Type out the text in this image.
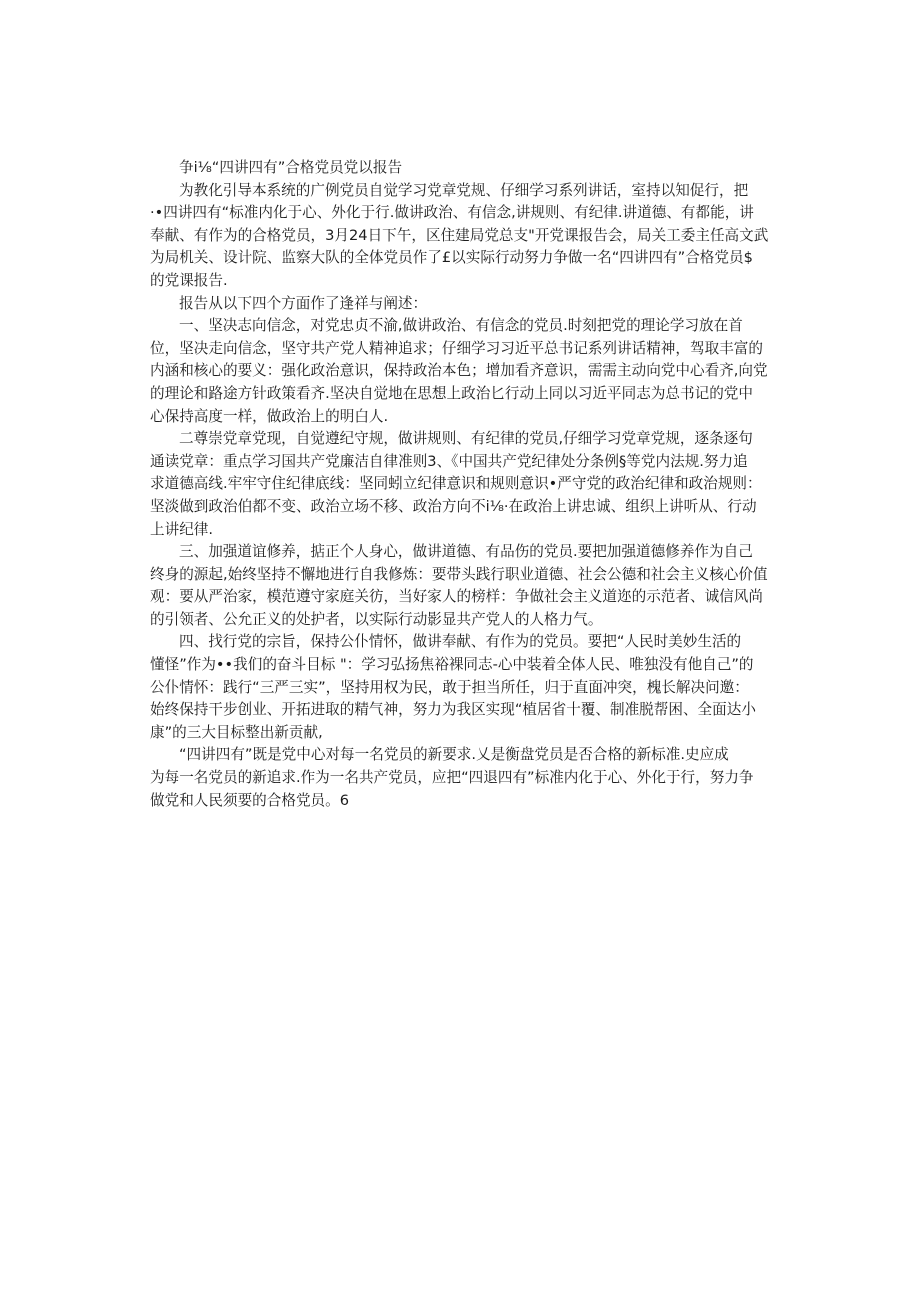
争i⅛“四讲四有”合格党员党以报告

为教化引导本系统的广例党员自觉学习党章党规、仔细学习系列讲话，室持以知促行，把
·•四讲四有“标准内化于心、外化于行.做讲政治、有信念,讲规则、有纪律.讲道德、有都能，讲
奉献、有作为的合格党员，3月24日下午，区住建局党总支"开党课报告会，局关工委主任高文武
为局机关、设计院、监察大队的全体党员作了£以实际行动努力争做一名“四讲四有”合格党员$
的党课报告.

报告从以下四个方面作了逢祥与阐述：

一、坚决志向信念，对党忠贞不渝,做讲政治、有信念的党员.时刻把党的理论学习放在首
位，坚决走向信念，坚守共产党人精神追求；仔细学习习近平总书记系列讲话精神，驾取丰富的
内涵和核心的要义：强化政治意识，保持政治本色；增加看齐意识，需需主动向党中心看齐,向党
的理论和路途方针政策看齐.坚决自觉地在思想上政治匕行动上同以习近平同志为总书记的党中
心保持高度一样，做政治上的明白人.

二尊崇党章党现，自觉遵纪守规，做讲规则、有纪律的党员,仔细学习党章党规，逐条逐句
通读党章：重点学习国共产党廉洁自律准则3、《中国共产党纪律处分条例§等党内法规.努力追
求道德高线.牢牢守住纪律底线：坚同蚓立纪律意识和规则意识•严守党的政治纪律和政治规则：
坚淡做到政治伯都不变、政治立场不移、政治方向不i⅛·在政治上讲忠诚、组织上讲听从、行动
上讲纪律.

三、加强道谊修养，掂正个人身心，做讲道德、有品伤的党员.要把加强道德修养作为自己
终身的源起,始终坚持不懈地进行自我修炼：要带头践行职业道德、社会公德和社会主义核心价值
观：要从严治家，模范遵守家庭关彷，当好家人的榜样：争做社会主义道迩的示范者、诚信风尚
的引领者、公允正义的处护者，以实际行动影显共产党人的人格力气。

四、找行党的宗旨，保持公仆情怀，做讲奉献、有作为的党员。要把“人民时美妙生活的
懂怪”作为••我们的奋斗目标 "：学习弘扬焦裕裸同志-心中装着全体人民、唯独没有他自己”的
公仆情怀：践行“三严三实”，坚持用权为民，敢于担当所任，归于直面冲突，槐长解决问邀：
始终保持干步创业、开拓进取的精气神，努力为我区实现“植居省十覆、制准脱帮困、全面达小
康”的三大目标整出新贡献,

“四讲四有”既是党中心对每一名党员的新要求.乂是衡盘党员是否合格的新标准.史应成
为每一名党员的新追求.作为一名共产党员，应把“四退四有”标准内化于心、外化于行，努力争
做党和人民须要的合格党员。6
